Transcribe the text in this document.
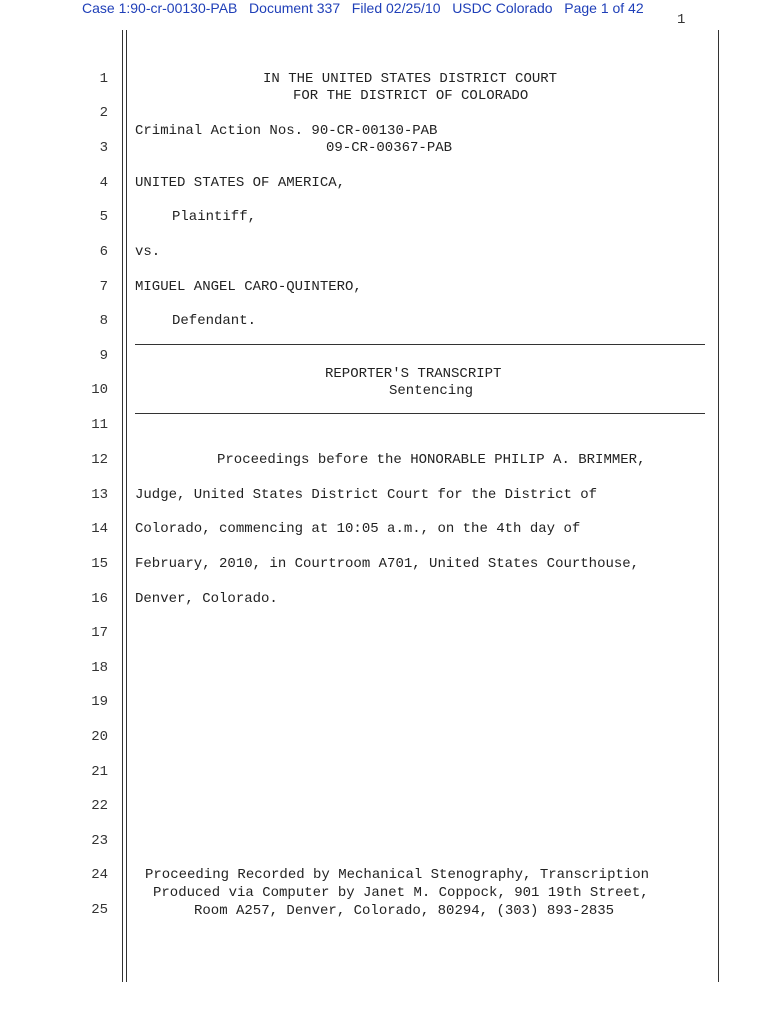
Case 1:90-cr-00130-PAB Document 337 Filed 02/25/10 USDC Colorado Page 1 of 42
1
1
2
3
4
5
6
7
8
9
10
11
12
13
14
15
16
17
18
19
20
21
22
23
24
25
IN THE UNITED STATES DISTRICT COURT
FOR THE DISTRICT OF COLORADO
Criminal Action Nos. 90-CR-00130-PAB
09-CR-00367-PAB
UNITED STATES OF AMERICA,
Plaintiff,
vs.
MIGUEL ANGEL CARO-QUINTERO,
Defendant.
REPORTER'S TRANSCRIPT
Sentencing
Proceedings before the HONORABLE PHILIP A. BRIMMER,
Judge, United States District Court for the District of
Colorado, commencing at 10:05 a.m., on the 4th day of
February, 2010, in Courtroom A701, United States Courthouse,
Denver, Colorado.
Proceeding Recorded by Mechanical Stenography, Transcription
Produced via Computer by Janet M. Coppock, 901 19th Street,
Room A257, Denver, Colorado, 80294, (303) 893-2835
